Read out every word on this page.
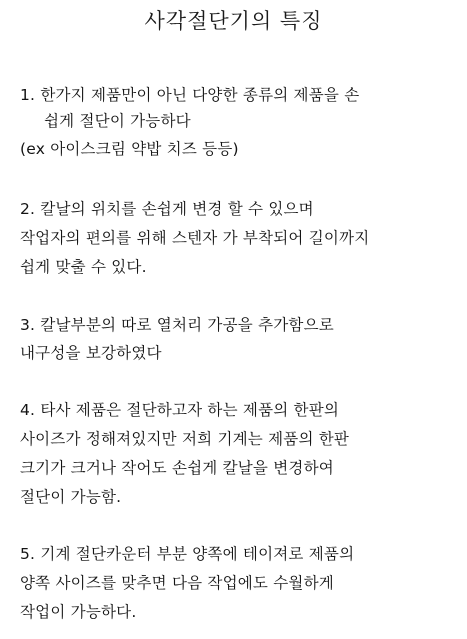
사각절단기의 특징
1. 한가지 제품만이 아닌 다양한 종류의 제품을 손
쉽게 절단이 가능하다
(ex 아이스크림 약밥 치즈 등등)
2. 칼날의 위치를 손쉽게 변경 할 수 있으며
작업자의 편의를 위해 스텐자 가 부착되어 길이까지
쉽게 맞출 수 있다.
3. 칼날부분의 따로 열처리 가공을 추가함으로
내구성을 보강하였다
4. 타사 제품은 절단하고자 하는 제품의 한판의
사이즈가 정해져있지만 저희 기계는 제품의 한판
크기가 크거나 작어도 손쉽게 칼날을 변경하여
절단이 가능함.
5. 기계 절단카운터 부분 양쪽에 테이져로 제품의
양쪽 사이즈를 맞추면 다음 작업에도 수월하게
작업이 가능하다.
